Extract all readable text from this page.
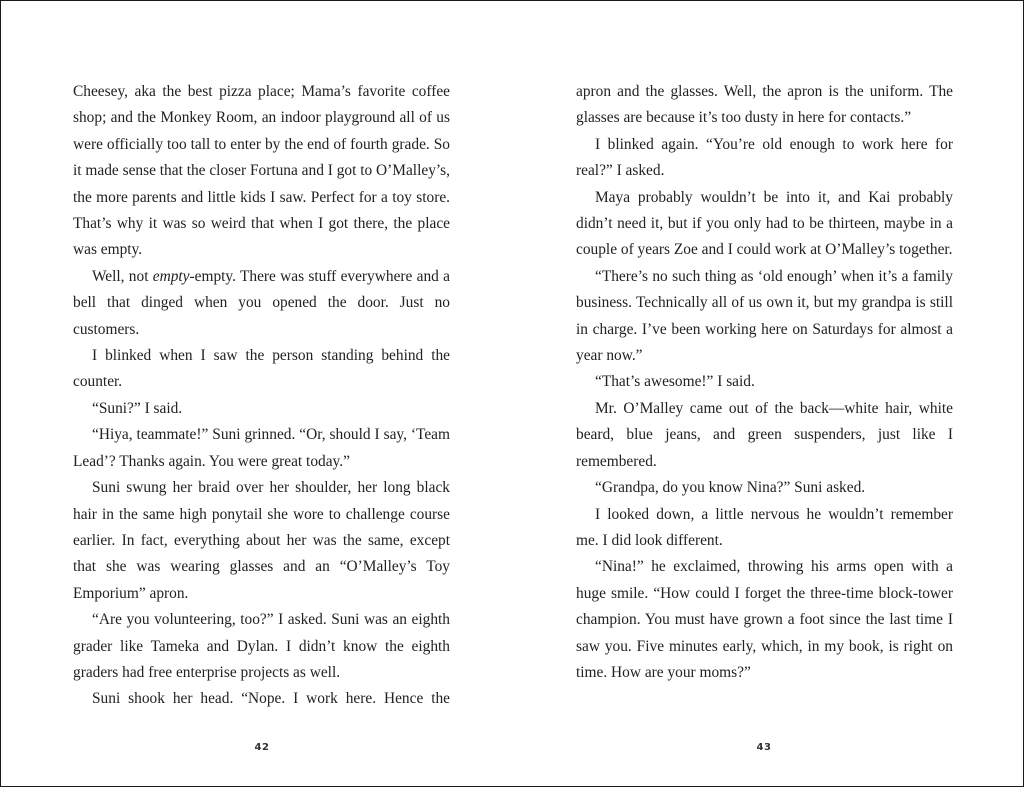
Cheesey, aka the best pizza place; Mama’s favorite coffee shop; and the Monkey Room, an indoor playground all of us were officially too tall to enter by the end of fourth grade. So it made sense that the closer Fortuna and I got to O’Malley’s, the more parents and little kids I saw. Perfect for a toy store. That’s why it was so weird that when I got there, the place was empty.

Well, not empty-empty. There was stuff everywhere and a bell that dinged when you opened the door. Just no customers.

I blinked when I saw the person standing behind the counter.

“Suni?” I said.

“Hiya, teammate!” Suni grinned. “Or, should I say, ‘Team Lead’? Thanks again. You were great today.”

Suni swung her braid over her shoulder, her long black hair in the same high ponytail she wore to challenge course earlier. In fact, everything about her was the same, except that she was wearing glasses and an “O’Malley’s Toy Emporium” apron.

“Are you volunteering, too?” I asked. Suni was an eighth grader like Tameka and Dylan. I didn’t know the eighth graders had free enterprise projects as well.

Suni shook her head. “Nope. I work here. Hence the

apron and the glasses. Well, the apron is the uniform. The glasses are because it’s too dusty in here for contacts.”

I blinked again. “You’re old enough to work here for real?” I asked.

Maya probably wouldn’t be into it, and Kai probably didn’t need it, but if you only had to be thirteen, maybe in a couple of years Zoe and I could work at O’Malley’s together.

“There’s no such thing as ‘old enough’ when it’s a family business. Technically all of us own it, but my grandpa is still in charge. I’ve been working here on Saturdays for almost a year now.”

“That’s awesome!” I said.

Mr. O’Malley came out of the back—white hair, white beard, blue jeans, and green suspenders, just like I remembered.

“Grandpa, do you know Nina?” Suni asked.

I looked down, a little nervous he wouldn’t remember me. I did look different.

“Nina!” he exclaimed, throwing his arms open with a huge smile. “How could I forget the three-time block-tower champion. You must have grown a foot since the last time I saw you. Five minutes early, which, in my book, is right on time. How are your moms?”

42	43
